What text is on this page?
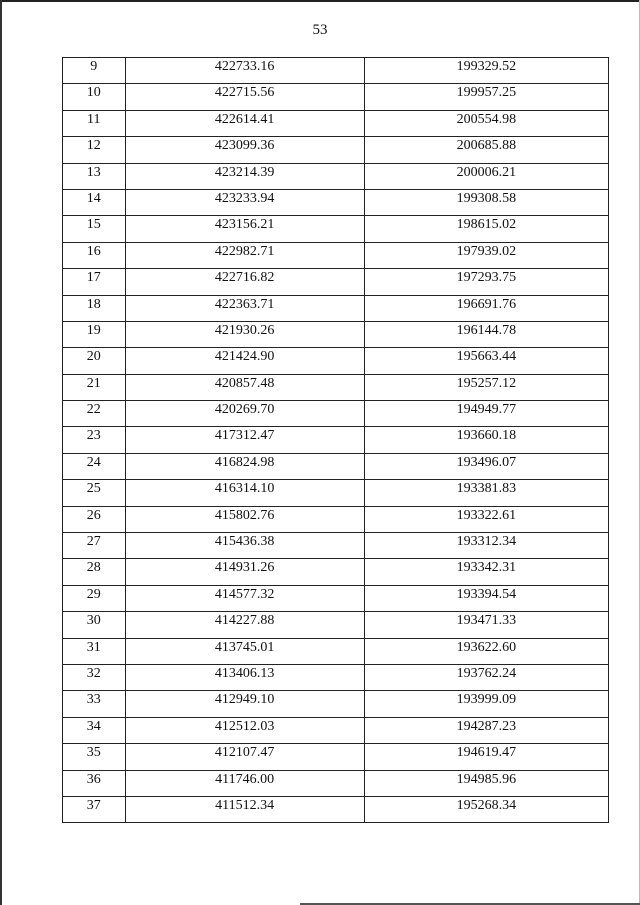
53
9	422733.16	199329.52
10	422715.56	199957.25
11	422614.41	200554.98
12	423099.36	200685.88
13	423214.39	200006.21
14	423233.94	199308.58
15	423156.21	198615.02
16	422982.71	197939.02
17	422716.82	197293.75
18	422363.71	196691.76
19	421930.26	196144.78
20	421424.90	195663.44
21	420857.48	195257.12
22	420269.70	194949.77
23	417312.47	193660.18
24	416824.98	193496.07
25	416314.10	193381.83
26	415802.76	193322.61
27	415436.38	193312.34
28	414931.26	193342.31
29	414577.32	193394.54
30	414227.88	193471.33
31	413745.01	193622.60
32	413406.13	193762.24
33	412949.10	193999.09
34	412512.03	194287.23
35	412107.47	194619.47
36	411746.00	194985.96
37	411512.34	195268.34
